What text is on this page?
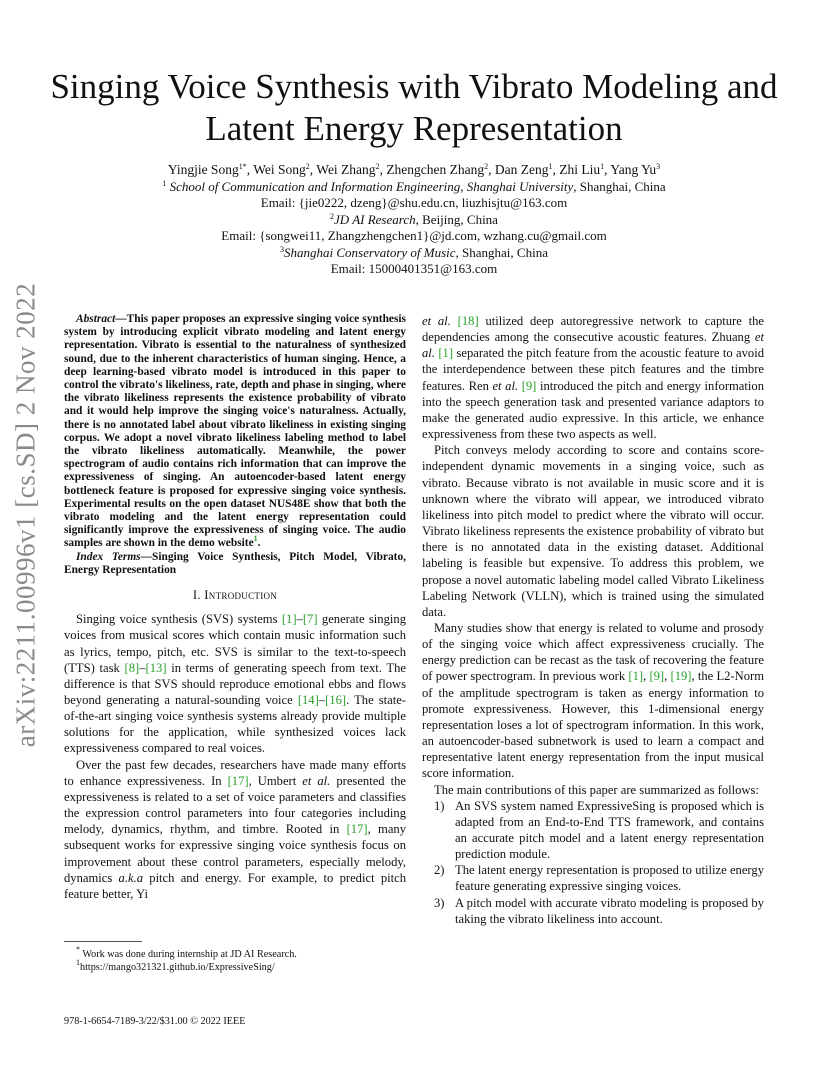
arXiv:2211.00996v1 [cs.SD] 2 Nov 2022
Singing Voice Synthesis with Vibrato Modeling and
Latent Energy Representation
Yingjie Song$^{1*}$, Wei Song$^2$, Wei Zhang$^2$, Zhengchen Zhang$^2$, Dan Zeng$^1$, Zhi Liu$^1$, Yang Yu$^3$
$^1$ School of Communication and Information Engineering, Shanghai University, Shanghai, China
Email: {jie0222, dzeng}@shu.edu.cn, liuzhisjtu@163.com
$^2$JD AI Research, Beijing, China
Email: {songwei11, Zhangzhengchen1}@jd.com, wzhang.cu@gmail.com
$^3$Shanghai Conservatory of Music, Shanghai, China
Email: 15000401351@163.com

Abstract—This paper proposes an expressive singing voice synthesis system by introducing explicit vibrato modeling and latent energy representation. Vibrato is essential to the naturalness of synthesized sound, due to the inherent characteristics of human singing. Hence, a deep learning-based vibrato model is introduced in this paper to control the vibrato's likeliness, rate, depth and phase in singing, where the vibrato likeliness represents the existence probability of vibrato and it would help improve the singing voice's naturalness. Actually, there is no annotated label about vibrato likeliness in existing singing corpus. We adopt a novel vibrato likeliness labeling method to label the vibrato likeliness automatically. Meanwhile, the power spectrogram of audio contains rich information that can improve the expressiveness of singing. An autoencoder-based latent energy bottleneck feature is proposed for expressive singing voice synthesis. Experimental results on the open dataset NUS48E show that both the vibrato modeling and the latent energy representation could significantly improve the expressiveness of singing voice. The audio samples are shown in the demo website$^1$.

Index Terms—Singing Voice Synthesis, Pitch Model, Vibrato, Energy Representation

I. Introduction

Singing voice synthesis (SVS) systems [1]–[7] generate singing voices from musical scores which contain music information such as lyrics, tempo, pitch, etc. SVS is similar to the text-to-speech (TTS) task [8]–[13] in terms of generating speech from text. The difference is that SVS should reproduce emotional ebbs and flows beyond generating a natural-sounding voice [14]–[16]. The state-of-the-art singing voice synthesis systems already provide multiple solutions for the application, while synthesized voices lack expressiveness compared to real voices.

Over the past few decades, researchers have made many efforts to enhance expressiveness. In [17], Umbert et al. presented the expressiveness is related to a set of voice parameters and classifies the expression control parameters into four categories including melody, dynamics, rhythm, and timbre. Rooted in [17], many subsequent works for expressive singing voice synthesis focus on improvement about these control parameters, especially melody, dynamics a.k.a pitch and energy. For example, to predict pitch feature better, Yi

et al. [18] utilized deep autoregressive network to capture the dependencies among the consecutive acoustic features. Zhuang et al. [1] separated the pitch feature from the acoustic feature to avoid the interdependence between these pitch features and the timbre features. Ren et al. [9] introduced the pitch and energy information into the speech generation task and presented variance adaptors to make the generated audio expressive. In this article, we enhance expressiveness from these two aspects as well.

Pitch conveys melody according to score and contains score-independent dynamic movements in a singing voice, such as vibrato. Because vibrato is not available in music score and it is unknown where the vibrato will appear, we introduced vibrato likeliness into pitch model to predict where the vibrato will occur. Vibrato likeliness represents the existence probability of vibrato but there is no annotated data in the existing dataset. Additional labeling is feasible but expensive. To address this problem, we propose a novel automatic labeling model called Vibrato Likeliness Labeling Network (VLLN), which is trained using the simulated data.

Many studies show that energy is related to volume and prosody of the singing voice which affect expressiveness crucially. The energy prediction can be recast as the task of recovering the feature of power spectrogram. In previous work [1], [9], [19], the L2-Norm of the amplitude spectrogram is taken as energy information to promote expressiveness. However, this 1-dimensional energy representation loses a lot of spectrogram information. In this work, an autoencoder-based subnetwork is used to learn a compact and representative latent energy representation from the input musical score information.

The main contributions of this paper are summarized as follows:

1) An SVS system named ExpressiveSing is proposed which is adapted from an End-to-End TTS framework, and contains an accurate pitch model and a latent energy representation prediction module.
2) The latent energy representation is proposed to utilize energy feature generating expressive singing voices.
3) A pitch model with accurate vibrato modeling is proposed by taking the vibrato likeliness into account.
* Work was done during internship at JD AI Research.
$^1$https://mango321321.github.io/ExpressiveSing/
978-1-6654-7189-3/22/$31.00 © 2022 IEEE
